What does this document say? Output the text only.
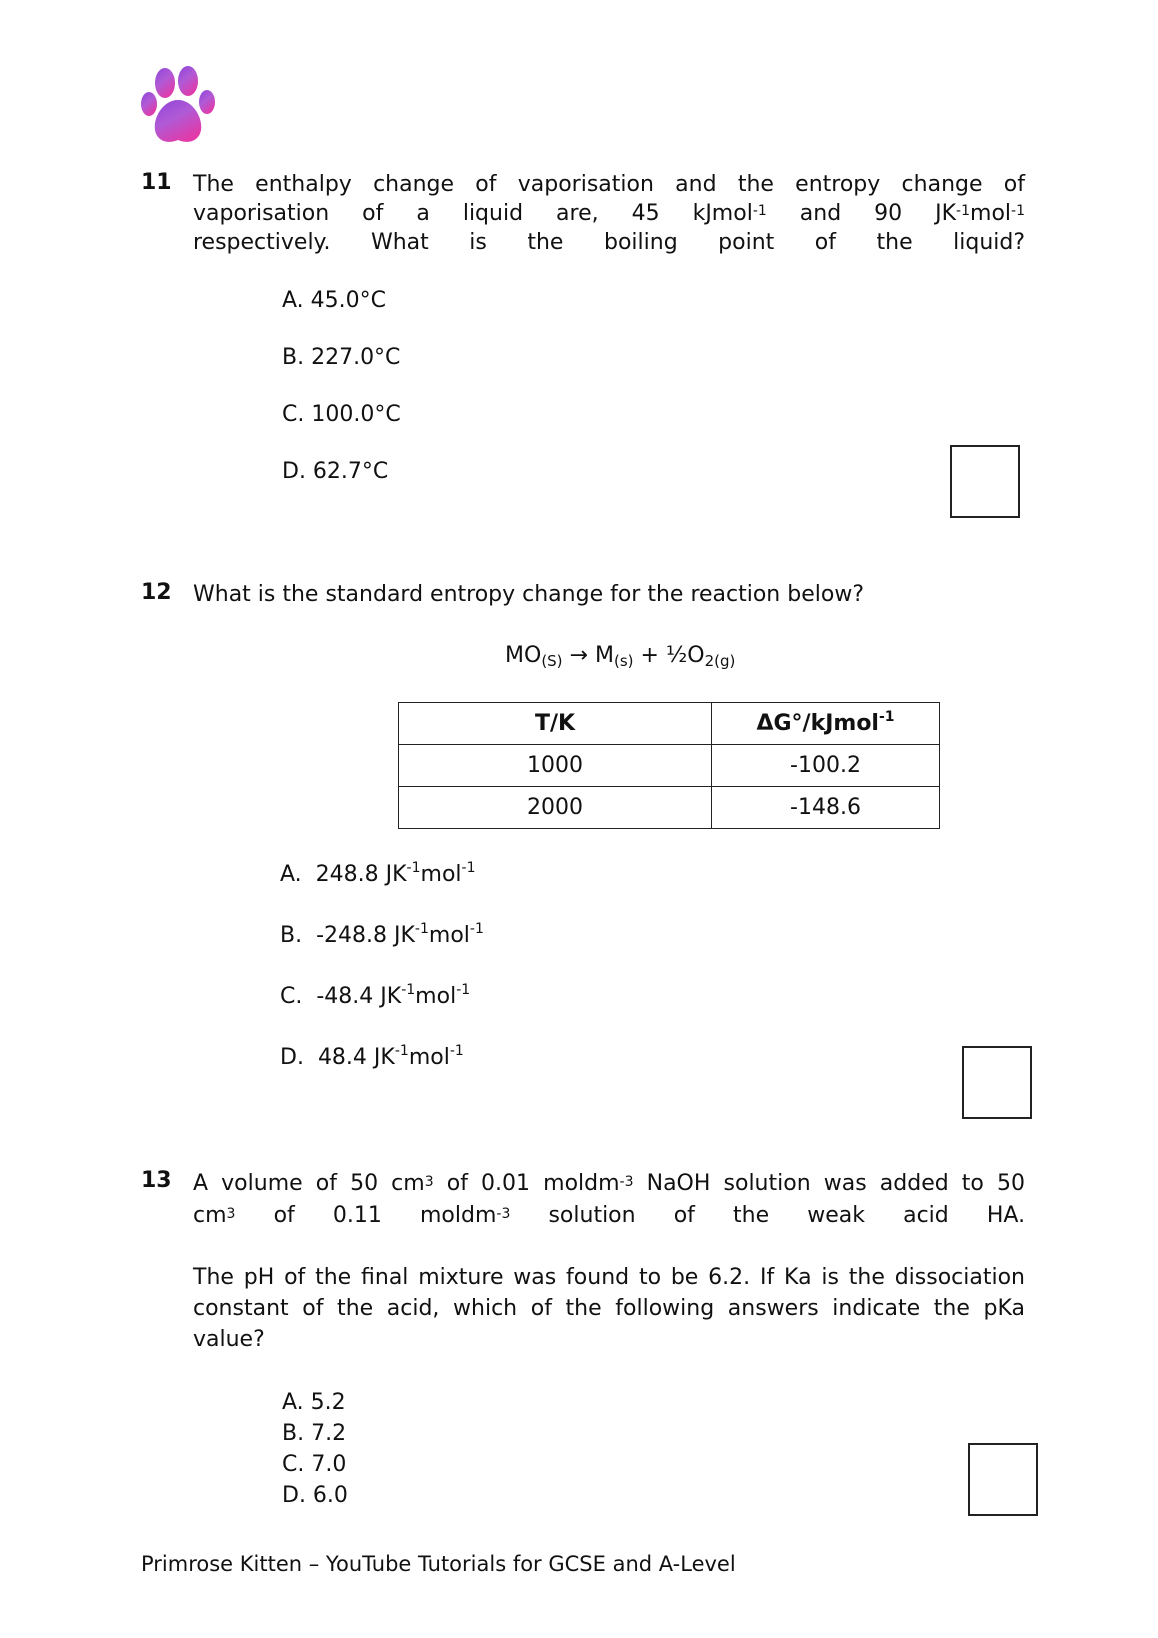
11 The enthalpy change of vaporisation and the entropy change of
vaporisation of a liquid are, 45 kJmol$^{-1}$ and 90 $JK^{-1}mol^{-1}$
respectively. What is the boiling point of the liquid?
A. 45.0°C
B. 227.0°C
C. 100.0°C
D. 62.7°C
12 What is the standard entropy change for the reaction below?
$MO_{(S)} \to M_{(s)}$ + $\frac{1}{2}O_{2(g)}$
T/K	ΔG°/kJmol$^{-1}$
1000	-100.2
2000	-148.6
A. 248.8 $JK^{-1}mol^{-1}$
B. -248.8 $JK^{-1}mol^{-1}$
C. -48.4 $JK^{-1}mol^{-1}$
D. 48.4 $JK^{-1}mol^{-1}$
13 A volume of 50 $cm^3$ of 0.01 moldm$^{-3}$ NaOH solution was added to 50
$cm^3$ of 0.11 moldm$^{-3}$ solution of the weak acid HA.
The pH of the final mixture was found to be 6.2. If Ka is the dissociation constant of the acid, which of the following answers indicate the pKa value?
A. 5.2
B. 7.2
C. 7.0
D. 6.0
Primrose Kitten – YouTube Tutorials for GCSE and A-Level
